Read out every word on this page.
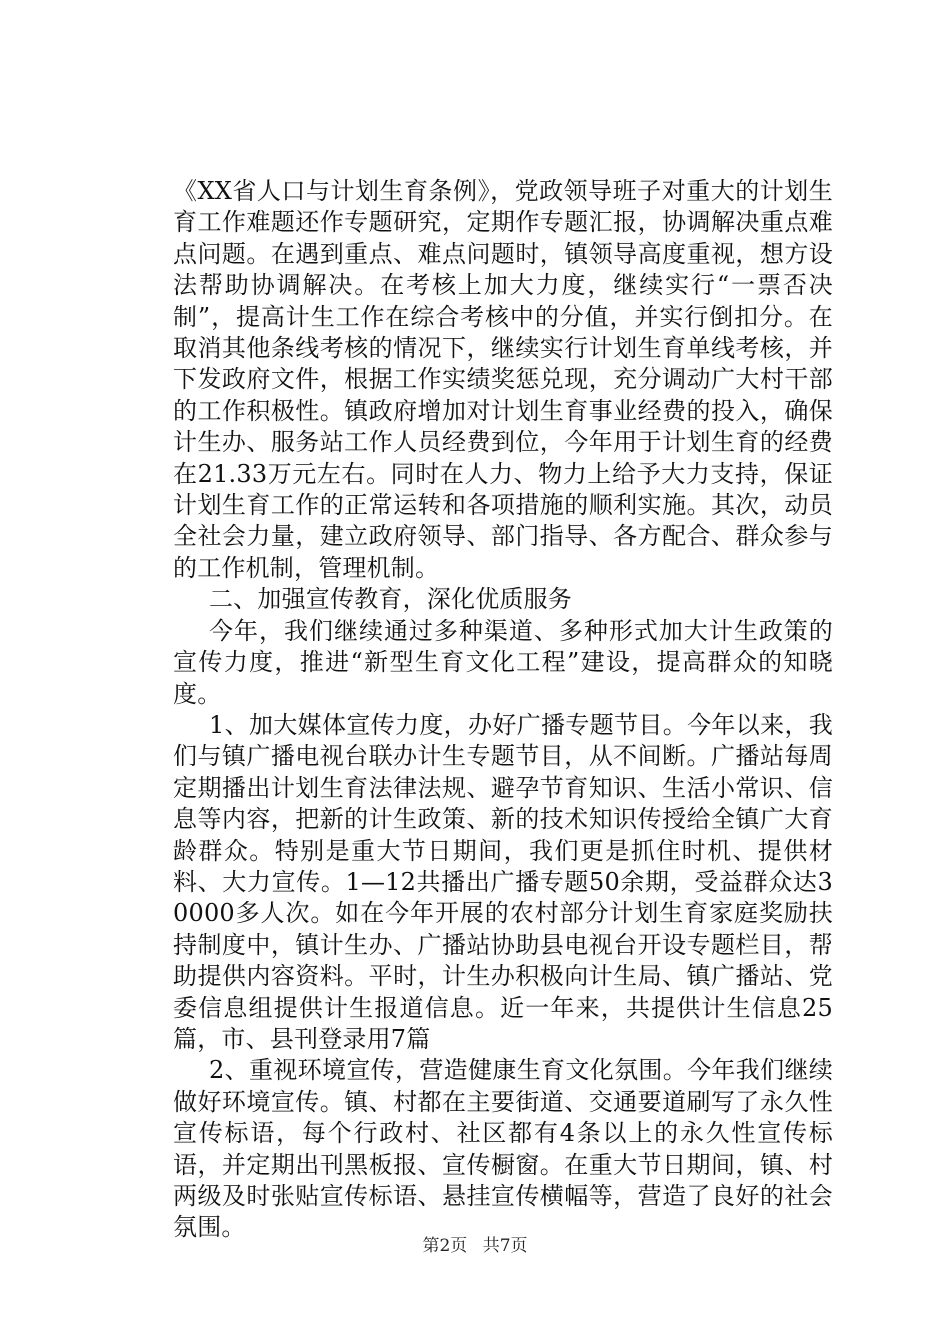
《XX省人口与计划生育条例》，党政领导班子对重大的计划生育工作难题还作专题研究，定期作专题汇报，协调解决重点难点问题。在遇到重点、难点问题时，镇领导高度重视，想方设法帮助协调解决。在考核上加大力度，继续实行“一票否决制”，提高计生工作在综合考核中的分值，并实行倒扣分。在取消其他条线考核的情况下，继续实行计划生育单线考核，并下发政府文件，根据工作实绩奖惩兑现，充分调动广大村干部的工作积极性。镇政府增加对计划生育事业经费的投入，确保计生办、服务站工作人员经费到位，今年用于计划生育的经费在21.33万元左右。同时在人力、物力上给予大力支持，保证计划生育工作的正常运转和各项措施的顺利实施。其次，动员全社会力量，建立政府领导、部门指导、各方配合、群众参与的工作机制，管理机制。

二、加强宣传教育，深化优质服务

今年，我们继续通过多种渠道、多种形式加大计生政策的宣传力度，推进“新型生育文化工程”建设，提高群众的知晓度。

1、加大媒体宣传力度，办好广播专题节目。今年以来，我们与镇广播电视台联办计生专题节目，从不间断。广播站每周定期播出计划生育法律法规、避孕节育知识、生活小常识、信息等内容，把新的计生政策、新的技术知识传授给全镇广大育龄群众。特别是重大节日期间，我们更是抓住时机、提供材料、大力宣传。1—12共播出广播专题50余期，受益群众达30000多人次。如在今年开展的农村部分计划生育家庭奖励扶持制度中，镇计生办、广播站协助县电视台开设专题栏目，帮助提供内容资料。平时，计生办积极向计生局、镇广播站、党委信息组提供计生报道信息。近一年来，共提供计生信息25篇，市、县刊登录用7篇

2、重视环境宣传，营造健康生育文化氛围。今年我们继续做好环境宣传。镇、村都在主要街道、交通要道刷写了永久性宣传标语，每个行政村、社区都有4条以上的永久性宣传标语，并定期出刊黑板报、宣传橱窗。在重大节日期间，镇、村两级及时张贴宣传标语、悬挂宣传横幅等，营造了良好的社会氛围。

第2页 共7页
